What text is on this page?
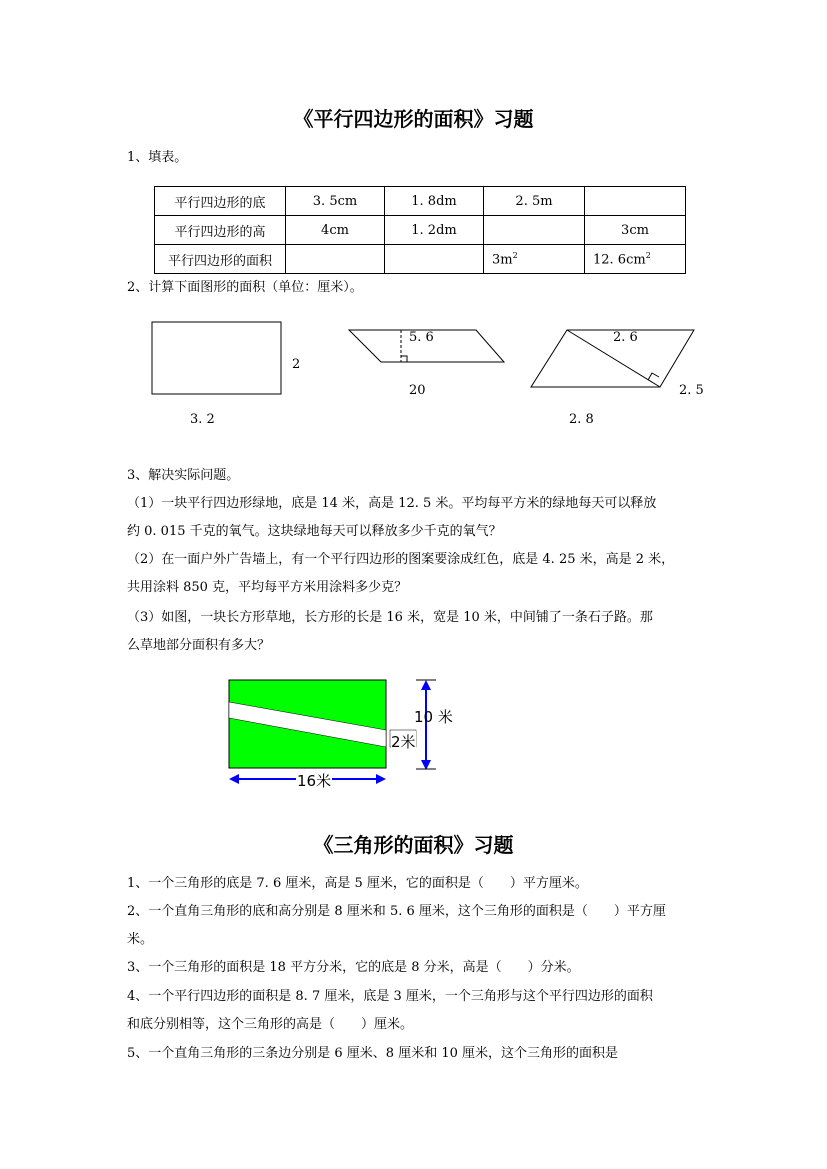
《平行四边形的面积》习题
1、填表。
平行四边形的底	3. 5cm	1. 8dm	2. 5m	
平行四边形的高	4cm	1. 2dm		3cm
平行四边形的面积			$3m^2$	12. $6cm^2$
2、计算下面图形的面积（单位：厘米）。
2
3. 2
5. 6
20
2. 6
2. 5
2. 8
3、解决实际问题。
（1）一块平行四边形绿地，底是 14 米，高是 12. 5 米。平均每平方米的绿地每天可以释放
约 0. 015 千克的氧气。这块绿地每天可以释放多少千克的氧气？
（2）在一面户外广告墙上，有一个平行四边形的图案要涂成红色，底是 4. 25 米，高是 2 米，
共用涂料 850 克，平均每平方米用涂料多少克？
（3）如图，一块长方形草地，长方形的长是 16 米，宽是 10 米，中间铺了一条石子路。那
么草地部分面积有多大？
10 米
2米
16米
《三角形的面积》习题
1、一个三角形的底是 7. 6 厘米，高是 5 厘米，它的面积是（　　）平方厘米。
2、一个直角三角形的底和高分别是 8 厘米和 5. 6 厘米，这个三角形的面积是（　　）平方厘
米。
3、一个三角形的面积是 18 平方分米，它的底是 8 分米，高是（　　）分米。
4、一个平行四边形的面积是 8. 7 厘米，底是 3 厘米，一个三角形与这个平行四边形的面积
和底分别相等，这个三角形的高是（　　）厘米。
5、一个直角三角形的三条边分别是 6 厘米、8 厘米和 10 厘米，这个三角形的面积是
